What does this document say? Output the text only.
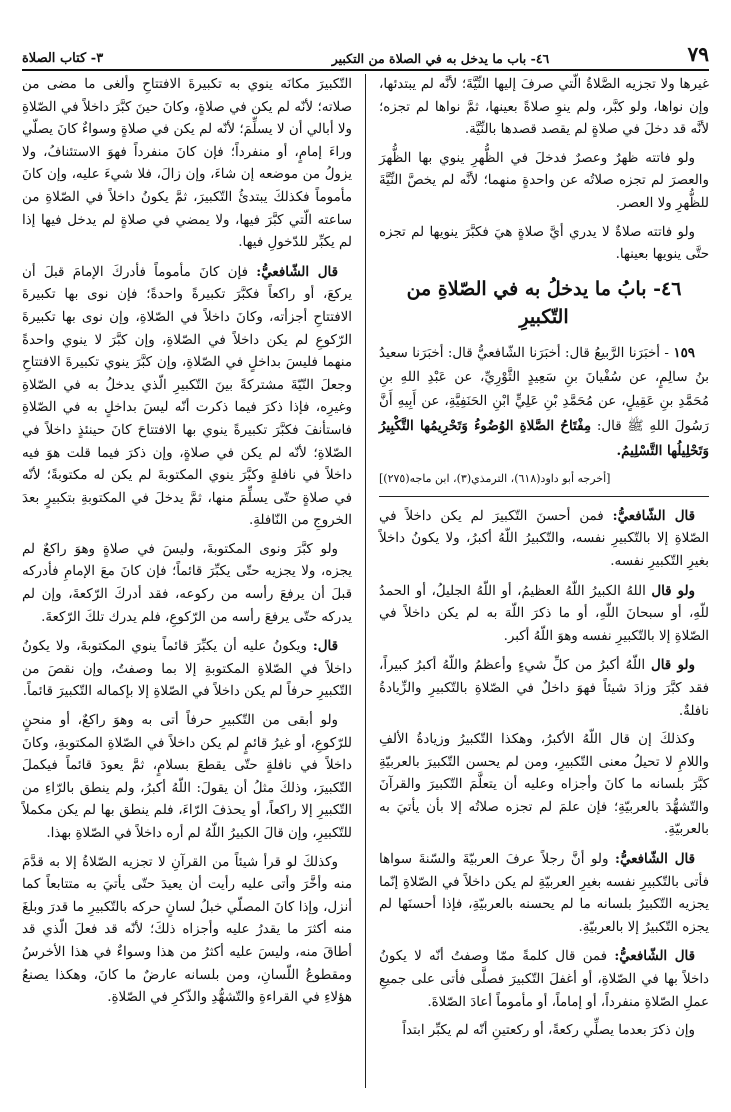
٧٩
٤٦- باب ما يدخل به في الصلاة من التكبير
٣- كتاب الصلاة

غيرها ولا تجزيه الصَّلاةُ الّتي صرفَ إليها النِّيَّةَ؛ لأنَّه لم يبتدئها، وإن نواها، ولو كبَّر، ولم ينوِ صلاةً بعينها، ثمَّ نواها لم تجزه؛ لأنَّه قد دخلَ في صلاةٍ لم يقصد قصدها بالنِّيَّة.

ولو فاتته ظهرٌ وعصرٌ فدخلَ في الظُّهرِ ينوي بها الظُّهرَ والعصرَ لم تجزه صلاتُه عن واحدةٍ منهما؛ لأنَّه لم يخصَّ النِّيَّةَ للظُّهرِ ولا العصر.

ولو فاتته صلاةٌ لا يدري أيَّ صلاةٍ هيَ فكبَّرَ ينويها لم تجزه حتَّى ينويها بعينها.

٤٦- بابُ ما يدخلُ به في الصّلاةِ من التّكبيرِ

١٥٩ - أخبَرَنا الرَّبيعُ قال: أخبَرَنا الشّافعيُّ قال: أخبَرَنا سعيدُ بنُ سالِمٍ، عن سُفْيانَ بنِ سَعِيدٍ الثَّوْرِيِّ، عن عَبْدِ اللهِ بنِ مُحَمَّدِ بنِ عَقِيلٍ، عن مُحَمَّدِ بْنِ عَلِيٍّ ابْنِ الحَنَفِيَّةِ، عن أَبِيهِ أَنَّ رَسُولَ اللهِ ﷺ قال: مِفْتَاحُ الصَّلاةِ الوُضُوءُ وَتَحْرِيمُها التَّكْبِيرُ وَتَحْلِيلُها التَّسْلِيمُ.

[أخرجه أبو داود(٦١٨)، الترمذي(٣)، ابن ماجه(٢٧٥)]

قال الشّافعيُّ: فمن أحسنَ التّكبيرَ لم يكن داخلاً في الصّلاةِ إلا بالتّكبيرِ نفسه، والتّكبيرُ اللّهُ أكبرُ، ولا يكونُ داخلاً بغيرِ التّكبيرِ نفسه.

ولو قال اللهُ الكبيرُ اللّهُ العظيمُ، أو اللّهُ الجليلُ، أو الحمدُ للّهِ، أو سبحانَ اللّهِ، أو ما ذكرَ اللّهَ به لم يكن داخلاً في الصّلاةِ إلا بالتّكبيرِ نفسه وهوَ اللّهُ أكبر.

ولو قال اللّهُ أكبرُ من كلِّ شيءٍ وأعظمُ واللّهُ أكبرُ كبيراً، فقد كبَّرَ وزادَ شيئاً فهوَ داخلٌ في الصّلاةِ بالتّكبيرِ والزِّيادةُ نافلةٌ.

وكذلكَ إن قال اللّهُ الأكبرُ، وهكذا التّكبيرُ وزيادةُ الألفِ واللامِ لا تحيلُ معنى التّكبيرِ، ومن لم يحسن التّكبيرَ بالعربيّةِ كبَّرَ بلسانه ما كانَ وأجزاه وعليه أن يتعلَّمَ التّكبيرَ والقرآنَ والتّشهُّدَ بالعربيّةِ؛ فإن علمَ لم تجزه صلاتُه إلا بأن يأتيَ به بالعربيّةِ.

قال الشّافعيُّ: ولو أنَّ رجلاً عرفَ العربيّةَ والسّنةَ سواها فأتى بالتّكبيرِ نفسه بغيرِ العربيّةِ لم يكن داخلاً في الصّلاةِ إنّما يجزيه التّكبيرُ بلسانه ما لم يحسنه بالعربيّةِ، فإذا أحسنَها لم يجزه التّكبيرُ إلا بالعربيّةِ.

قال الشّافعيُّ: فمن قال كلمةً ممّا وصفتُ أنّه لا يكونُ داخلاً بها في الصّلاةِ، أو أغفلَ التّكبيرَ فصلَّى فأتى على جميعِ عملِ الصّلاةِ منفرداً، أو إماماً، أو مأموماً أعادَ الصّلاةَ.

وإن ذكرَ بعدما يصلِّي ركعةً، أو ركعتينِ أنّه لم يكبِّر ابتداً

التّكبيرَ مكانَه ينوي به تكبيرةَ الافتتاحِ وألغى ما مضى من صلاته؛ لأنّه لم يكن في صلاةٍ، وكانَ حينَ كبَّرَ داخلاً في الصّلاةِ ولا أبالي أن لا يسلِّمَ؛ لأنّه لم يكن في صلاةٍ وسواءٌ كانَ يصلّي وراءَ إمامٍ، أو منفرداً؛ فإن كانَ منفرداً فهوَ الاستئنافُ، ولا يزولُ من موضعه إن شاءَ، وإن زالَ، فلا شيءَ عليه، وإن كانَ مأموماً فكذلكَ يبتدئُ التّكبيرَ، ثمَّ يكونُ داخلاً في الصّلاةِ من ساعته الّتي كبَّرَ فيها، ولا يمضي في صلاةٍ لم يدخل فيها إذا لم يكبِّر للدّخولِ فيها.

قال الشّافعيُّ: فإن كانَ مأموماً فأدركَ الإمامَ قبلَ أن يركعَ، أو راكعاً فكبَّرَ تكبيرةً واحدةً؛ فإن نوى بها تكبيرةَ الافتتاحِ أجزأته، وكانَ داخلاً في الصّلاةِ، وإن نوى بها تكبيرةَ الرّكوعِ لم يكن داخلاً في الصّلاةِ، وإن كبَّرَ لا ينوي واحدةً منهما فليسَ بداخلٍ في الصّلاةِ، وإن كبَّرَ ينوي تكبيرةَ الافتتاحِ وجعلَ النّيّةَ مشتركةً بينَ التّكبيرِ الّذي يدخلُ به في الصّلاةِ وغيرِه، فإذا ذكرَ فيما ذكرت أنّه ليسَ بداخلٍ به في الصّلاةِ فاستأنفَ فكبَّرَ تكبيرةً ينوي بها الافتتاحَ كانَ حينئذٍ داخلاً في الصّلاةِ؛ لأنّه لم يكن في صلاةٍ، وإن ذكرَ فيما قلت هوَ فيه داخلاً في نافلةٍ وكبَّرَ ينوي المكتوبةَ لم يكن له مكتوبةً؛ لأنّه في صلاةٍ حتّى يسلِّمَ منها، ثمَّ يدخلَ في المكتوبةِ بتكبيرٍ بعدَ الخروجِ من النّافلةِ.

ولو كبَّرَ ونوى المكتوبةَ، وليسَ في صلاةٍ وهوَ راكعٌ لم يجزه، ولا يجزيه حتّى يكبِّرَ قائماً؛ فإن كانَ معَ الإمامِ فأدركه قبلَ أن يرفعَ رأسه من ركوعه، فقد أدركَ الرّكعةَ، وإن لم يدركه حتّى يرفعَ رأسه من الرّكوعِ، فلم يدرك تلكَ الرّكعةَ.

قال: ويكونُ عليه أن يكبِّرَ قائماً ينوي المكتوبةَ، ولا يكونُ داخلاً في الصّلاةِ المكتوبةِ إلا بما وصفتُ، وإن نقصَ من التّكبيرِ حرفاً لم يكن داخلاً في الصّلاةِ إلا بإكماله التّكبيرَ قائماً.

ولو أبقى من التّكبيرِ حرفاً أتى به وهوَ راكعٌ، أو منحنٍ للرّكوعِ، أو غيرُ قائمٍ لم يكن داخلاً في الصّلاةِ المكتوبةِ، وكانَ داخلاً في نافلةٍ حتّى يقطعَ بسلامٍ، ثمَّ يعودَ قائماً فيكملَ التّكبيرَ، وذلكَ مثلُ أن يقولَ: اللّهُ أكبرُ، ولم ينطق بالرّاءِ من التّكبيرِ إلا راكعاً، أو يحذفَ الرّاءَ، فلم ينطق بها لم يكن مكملاً للتّكبيرِ، وإن قالَ الكبيرُ اللّهُ لم أره داخلاً في الصّلاةِ بهذا.

وكذلكَ لو قرأ شيئاً من القرآنِ لا تجزيه الصّلاةُ إلا به قدَّمَ منه وأخَّرَ وأتى عليه رأيت أن يعيدَ حتّى يأتيَ به متتابعاً كما أنزل، وإذا كانَ المصلّي خبلُ لسانٍ حركه بالتّكبيرِ ما قدرَ وبلغَ منه أكثرَ ما يقدرُ عليه وأجزاه ذلكَ؛ لأنّه قد فعلَ الّذي قد أطاقَ منه، وليسَ عليه أكثرُ من هذا وسواءٌ في هذا الأخرسُ ومقطوعُ اللّسانِ، ومن بلسانه عارضٌ ما كانَ، وهكذا يصنعُ هؤلاءِ في القراءةِ والتّشهُّدِ والذّكرِ في الصّلاةِ.
